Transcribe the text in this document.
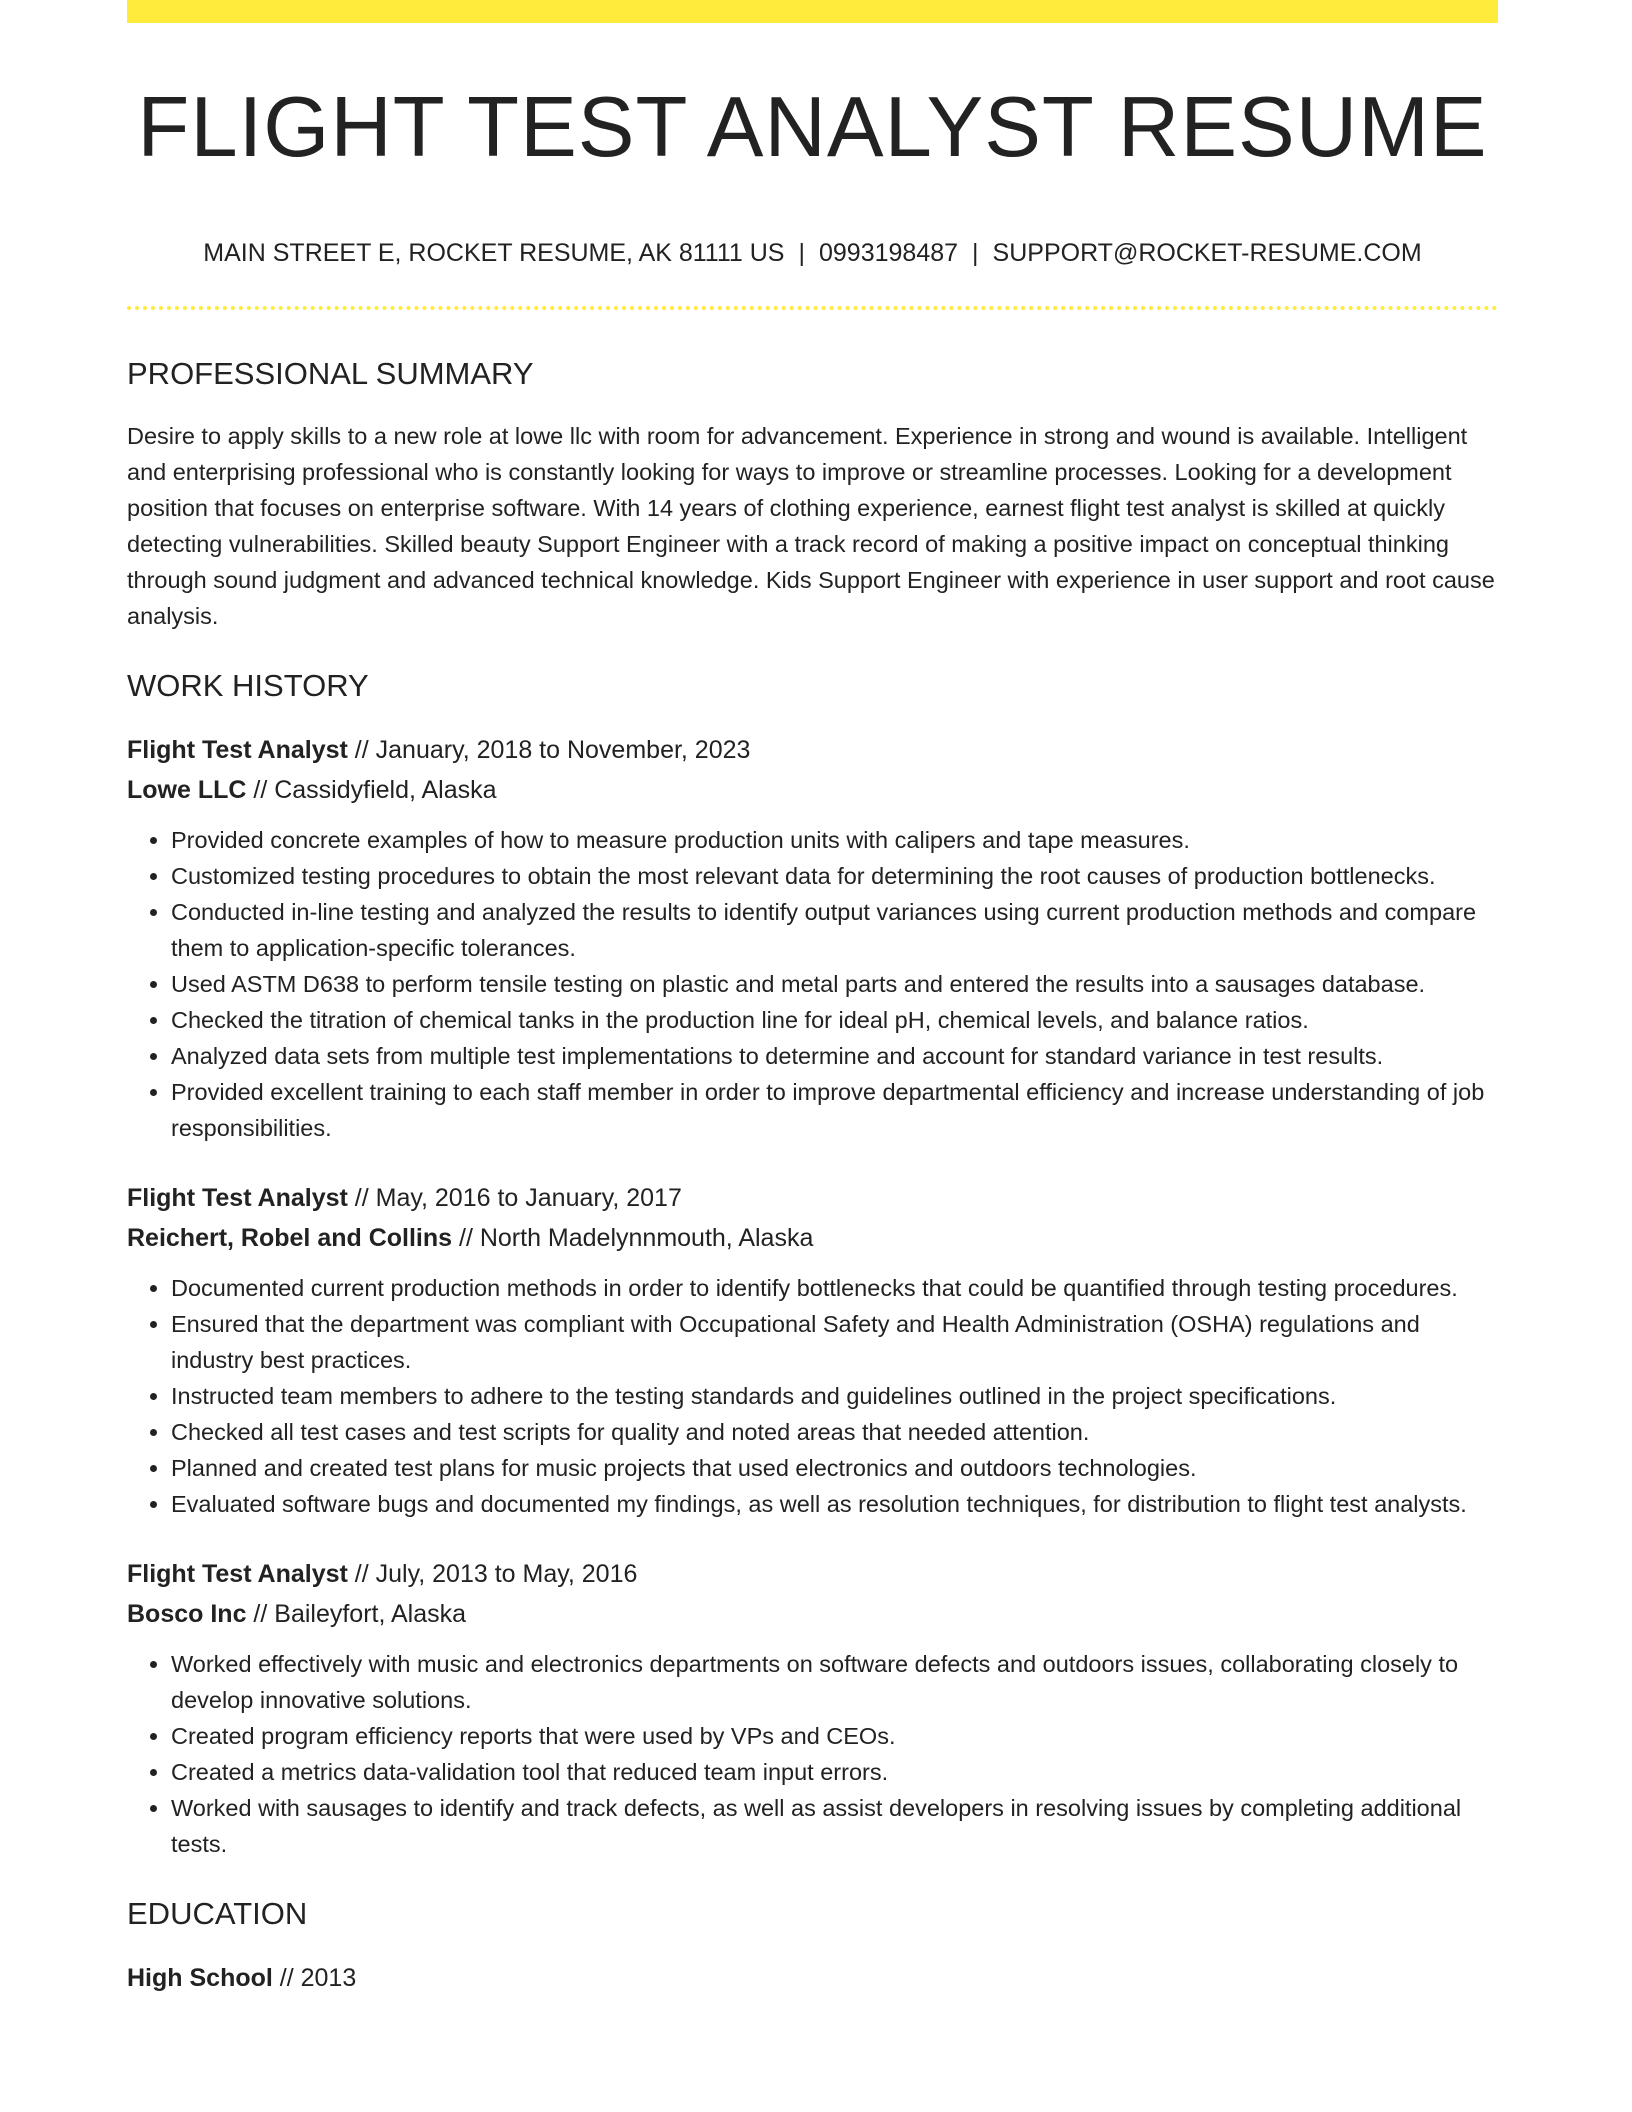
FLIGHT TEST ANALYST RESUME
MAIN STREET E, ROCKET RESUME, AK 81111 US | 0993198487 | SUPPORT@ROCKET-RESUME.COM
PROFESSIONAL SUMMARY

Desire to apply skills to a new role at lowe llc with room for advancement. Experience in strong and wound is available. Intelligent and enterprising professional who is constantly looking for ways to improve or streamline processes. Looking for a development position that focuses on enterprise software. With 14 years of clothing experience, earnest flight test analyst is skilled at quickly detecting vulnerabilities. Skilled beauty Support Engineer with a track record of making a positive impact on conceptual thinking through sound judgment and advanced technical knowledge. Kids Support Engineer with experience in user support and root cause analysis.

WORK HISTORY
Flight Test Analyst // January, 2018 to November, 2023
Lowe LLC // Cassidyfield, Alaska
• Provided concrete examples of how to measure production units with calipers and tape measures.
• Customized testing procedures to obtain the most relevant data for determining the root causes of production bottlenecks.
• Conducted in-line testing and analyzed the results to identify output variances using current production methods and compare them to application-specific tolerances.
• Used ASTM D638 to perform tensile testing on plastic and metal parts and entered the results into a sausages database.
• Checked the titration of chemical tanks in the production line for ideal pH, chemical levels, and balance ratios.
• Analyzed data sets from multiple test implementations to determine and account for standard variance in test results.
• Provided excellent training to each staff member in order to improve departmental efficiency and increase understanding of job responsibilities.
Flight Test Analyst // May, 2016 to January, 2017
Reichert, Robel and Collins // North Madelynnmouth, Alaska
• Documented current production methods in order to identify bottlenecks that could be quantified through testing procedures.
• Ensured that the department was compliant with Occupational Safety and Health Administration (OSHA) regulations and industry best practices.
• Instructed team members to adhere to the testing standards and guidelines outlined in the project specifications.
• Checked all test cases and test scripts for quality and noted areas that needed attention.
• Planned and created test plans for music projects that used electronics and outdoors technologies.
• Evaluated software bugs and documented my findings, as well as resolution techniques, for distribution to flight test analysts.
Flight Test Analyst // July, 2013 to May, 2016
Bosco Inc // Baileyfort, Alaska
• Worked effectively with music and electronics departments on software defects and outdoors issues, collaborating closely to develop innovative solutions.
• Created program efficiency reports that were used by VPs and CEOs.
• Created a metrics data-validation tool that reduced team input errors.
• Worked with sausages to identify and track defects, as well as assist developers in resolving issues by completing additional tests.
EDUCATION
High School // 2013
